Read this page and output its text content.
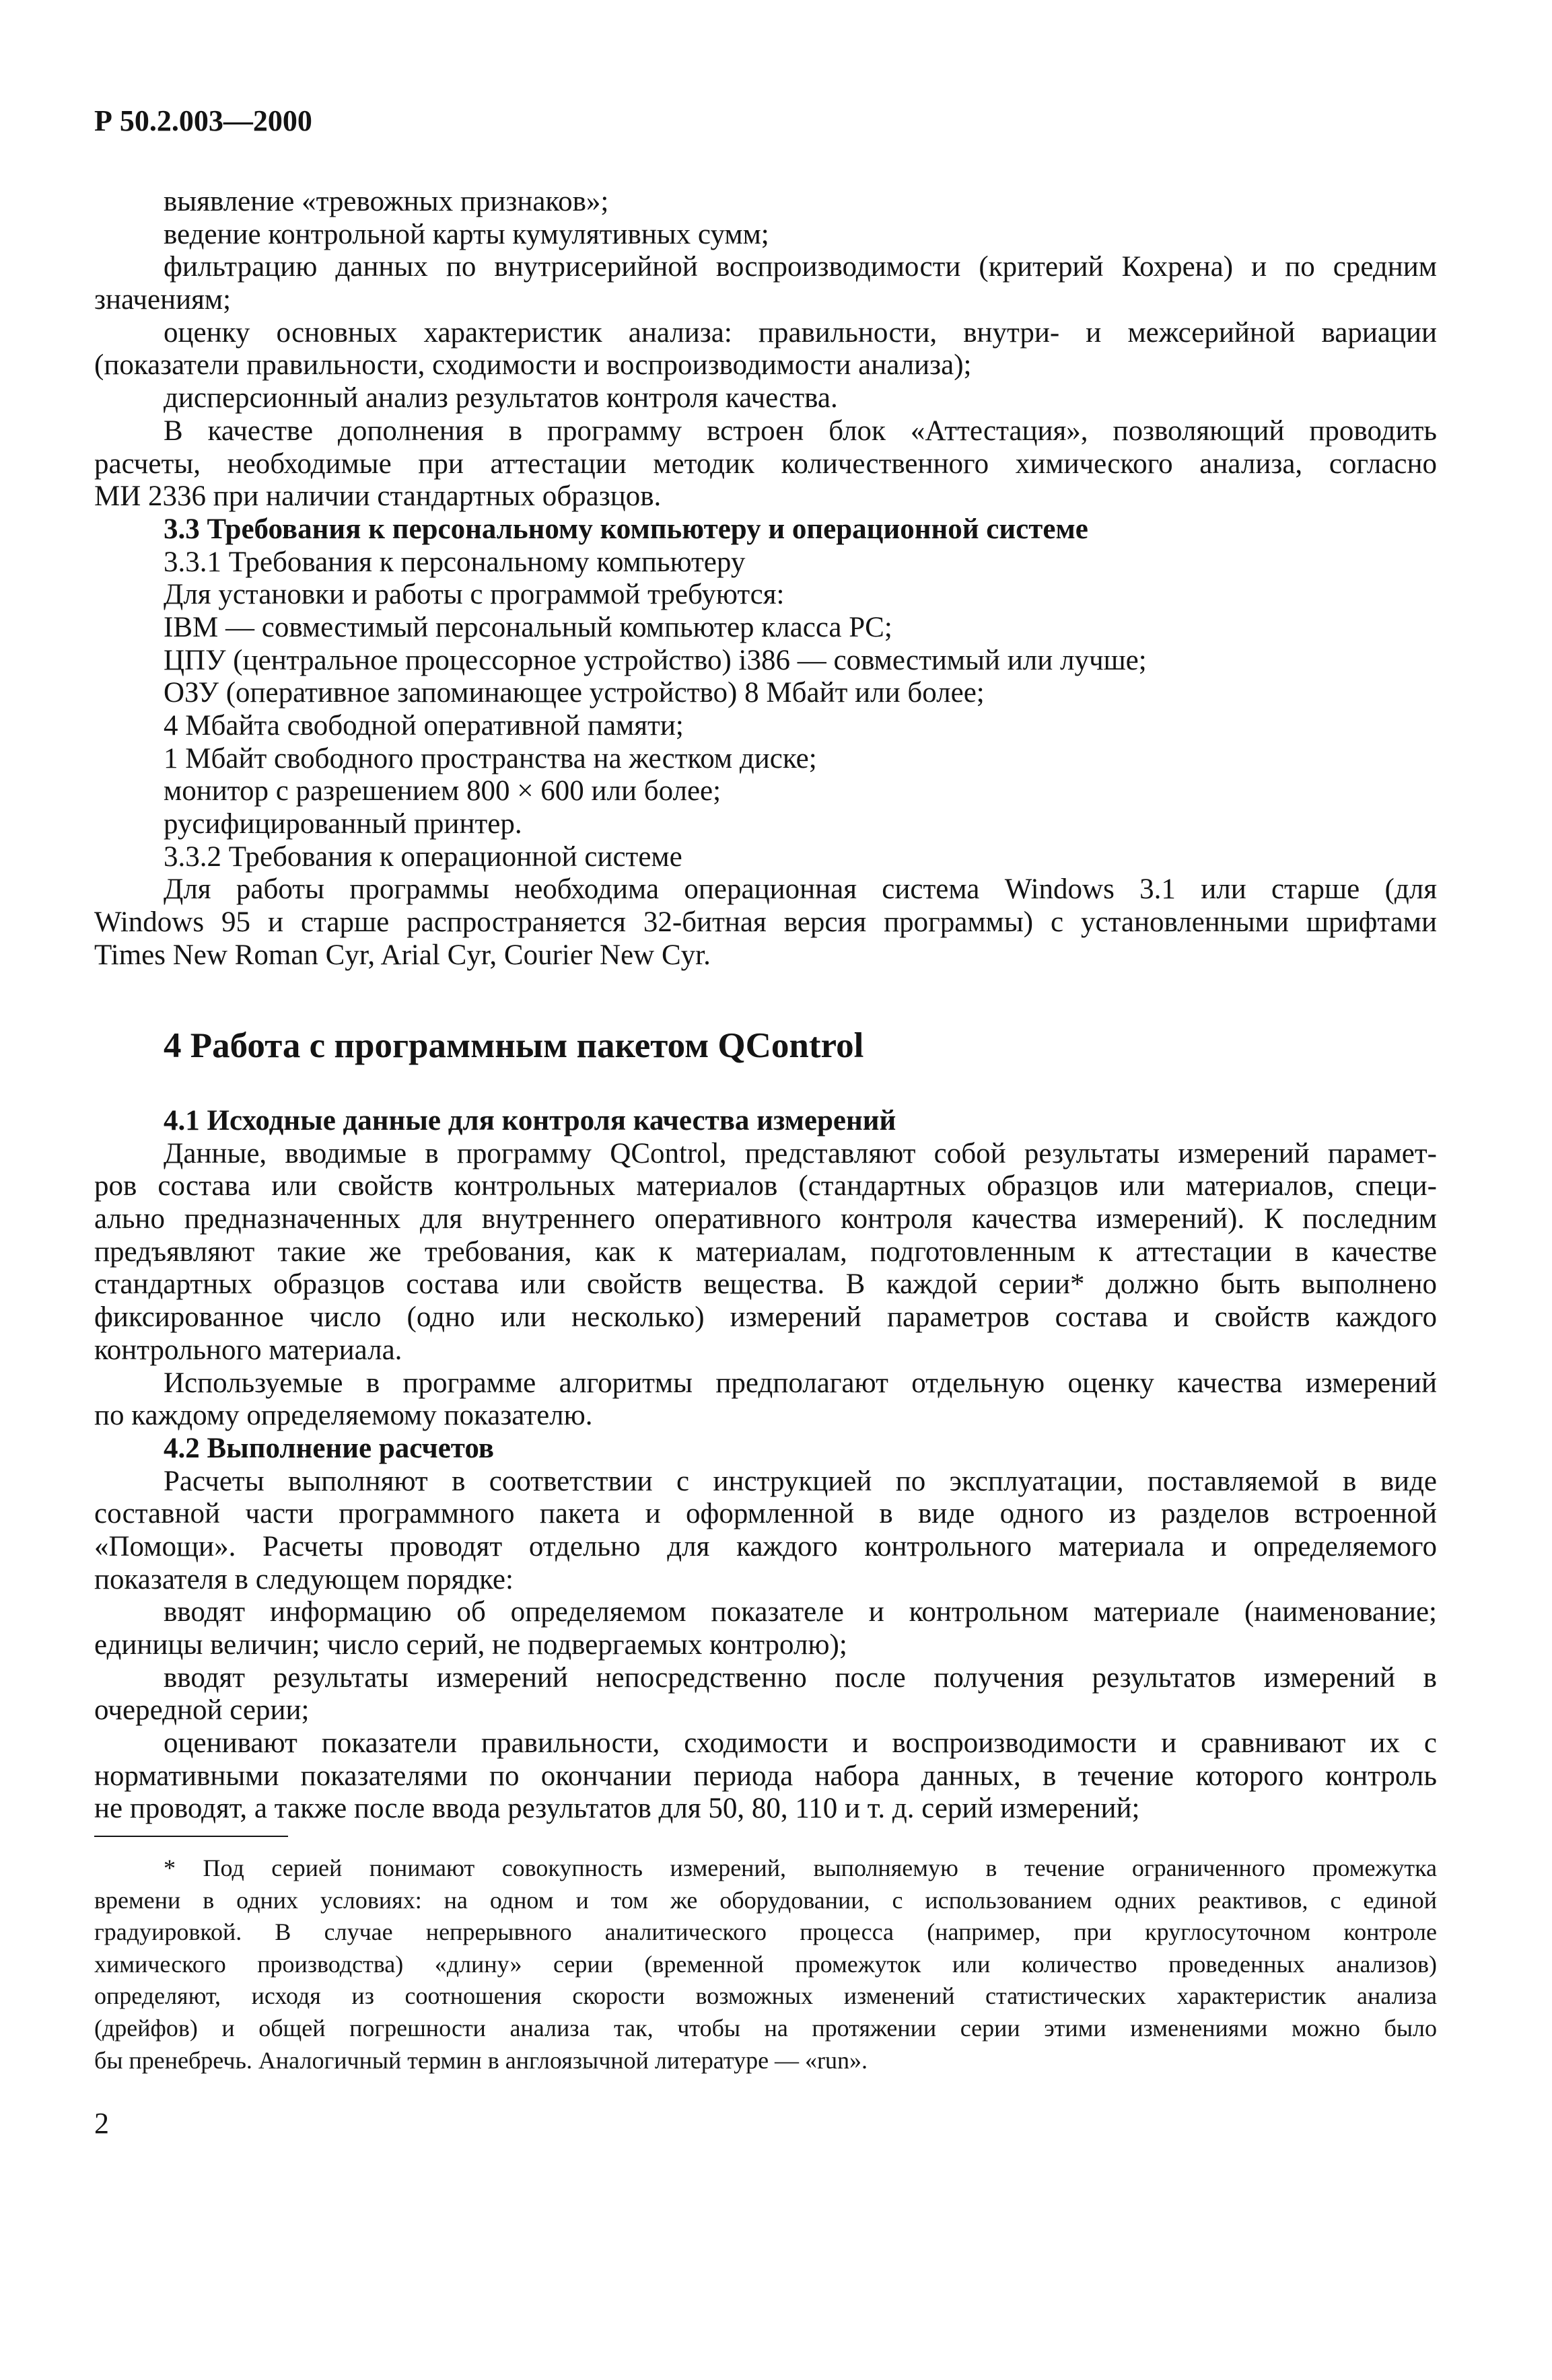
Р 50.2.003—2000
выявление «тревожных признаков»;
ведение контрольной карты кумулятивных сумм;
фильтрацию данных по внутрисерийной воспроизводимости (критерий Кохрена) и по средним
значениям;
оценку основных характеристик анализа: правильности, внутри- и межсерийной вариации
(показатели правильности, сходимости и воспроизводимости анализа);
дисперсионный анализ результатов контроля качества.
В качестве дополнения в программу встроен блок «Аттестация», позволяющий проводить
расчеты, необходимые при аттестации методик количественного химического анализа, согласно
МИ 2336 при наличии стандартных образцов.
3.3 Требования к персональному компьютеру и операционной системе
3.3.1 Требования к персональному компьютеру
Для установки и работы с программой требуются:
IBM — совместимый персональный компьютер класса PC;
ЦПУ (центральное процессорное устройство) i386 — совместимый или лучше;
ОЗУ (оперативное запоминающее устройство) 8 Мбайт или более;
4 Мбайта свободной оперативной памяти;
1 Мбайт свободного пространства на жестком диске;
монитор с разрешением 800 × 600 или более;
русифицированный принтер.
3.3.2 Требования к операционной системе
Для работы программы необходима операционная система Windows 3.1 или старше (для
Windows 95 и старше распространяется 32-битная версия программы) с установленными шрифтами
Times New Roman Cyr, Arial Cyr, Courier New Cyr.
4 Работа с программным пакетом QControl
4.1 Исходные данные для контроля качества измерений
Данные, вводимые в программу QControl, представляют собой результаты измерений парамет-
ров состава или свойств контрольных материалов (стандартных образцов или материалов, специ-
ально предназначенных для внутреннего оперативного контроля качества измерений). К последним
предъявляют такие же требования, как к материалам, подготовленным к аттестации в качестве
стандартных образцов состава или свойств вещества. В каждой серии* должно быть выполнено
фиксированное число (одно или несколько) измерений параметров состава и свойств каждого
контрольного материала.
Используемые в программе алгоритмы предполагают отдельную оценку качества измерений
по каждому определяемому показателю.
4.2 Выполнение расчетов
Расчеты выполняют в соответствии с инструкцией по эксплуатации, поставляемой в виде
составной части программного пакета и оформленной в виде одного из разделов встроенной
«Помощи». Расчеты проводят отдельно для каждого контрольного материала и определяемого
показателя в следующем порядке:
вводят информацию об определяемом показателе и контрольном материале (наименование;
единицы величин; число серий, не подвергаемых контролю);
вводят результаты измерений непосредственно после получения результатов измерений в
очередной серии;
оценивают показатели правильности, сходимости и воспроизводимости и сравнивают их с
нормативными показателями по окончании периода набора данных, в течение которого контроль
не проводят, а также после ввода результатов для 50, 80, 110 и т. д. серий измерений;
* Под серией понимают совокупность измерений, выполняемую в течение ограниченного промежутка
времени в одних условиях: на одном и том же оборудовании, с использованием одних реактивов, с единой
градуировкой. В случае непрерывного аналитического процесса (например, при круглосуточном контроле
химического производства) «длину» серии (временной промежуток или количество проведенных анализов)
определяют, исходя из соотношения скорости возможных изменений статистических характеристик анализа
(дрейфов) и общей погрешности анализа так, чтобы на протяжении серии этими изменениями можно было
бы пренебречь. Аналогичный термин в англоязычной литературе — «run».
2
